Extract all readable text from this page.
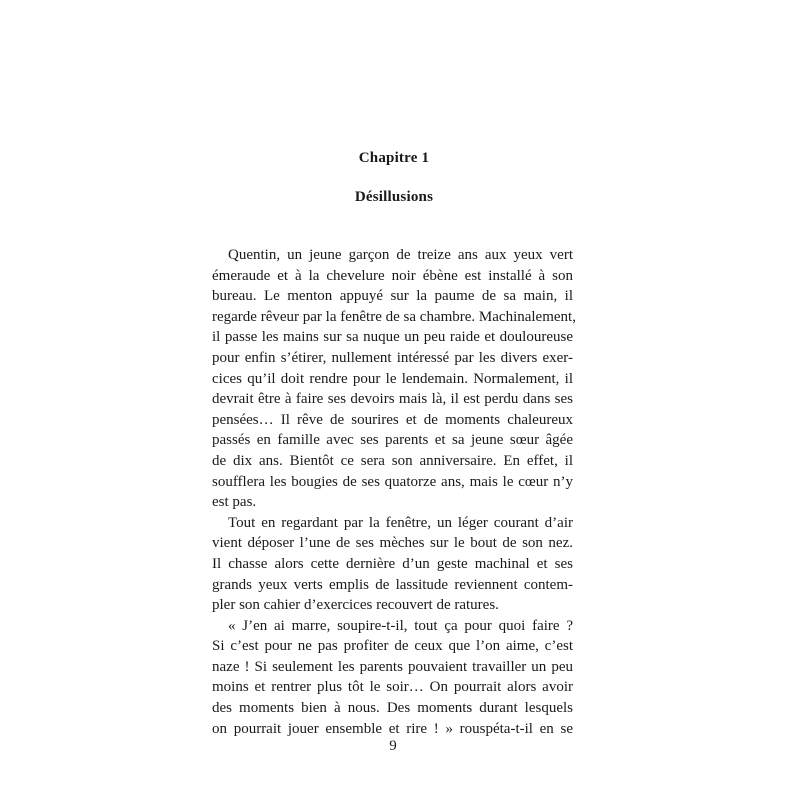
Chapitre 1
Désillusions
Quentin, un jeune garçon de treize ans aux yeux vert
émeraude et à la chevelure noir ébène est installé à son
bureau. Le menton appuyé sur la paume de sa main, il
regarde rêveur par la fenêtre de sa chambre. Machinalement,
il passe les mains sur sa nuque un peu raide et douloureuse
pour enfin s’étirer, nullement intéressé par les divers exer-
cices qu’il doit rendre pour le lendemain. Normalement, il
devrait être à faire ses devoirs mais là, il est perdu dans ses
pensées… Il rêve de sourires et de moments chaleureux
passés en famille avec ses parents et sa jeune sœur âgée
de dix ans. Bientôt ce sera son anniversaire. En effet, il
soufflera les bougies de ses quatorze ans, mais le cœur n’y
est pas.
Tout en regardant par la fenêtre, un léger courant d’air
vient déposer l’une de ses mèches sur le bout de son nez.
Il chasse alors cette dernière d’un geste machinal et ses
grands yeux verts emplis de lassitude reviennent contem-
pler son cahier d’exercices recouvert de ratures.
« J’en ai marre, soupire-t-il, tout ça pour quoi faire ?
Si c’est pour ne pas profiter de ceux que l’on aime, c’est
naze ! Si seulement les parents pouvaient travailler un peu
moins et rentrer plus tôt le soir… On pourrait alors avoir
des moments bien à nous. Des moments durant lesquels
on pourrait jouer ensemble et rire ! » rouspéta-t-il en se
9
